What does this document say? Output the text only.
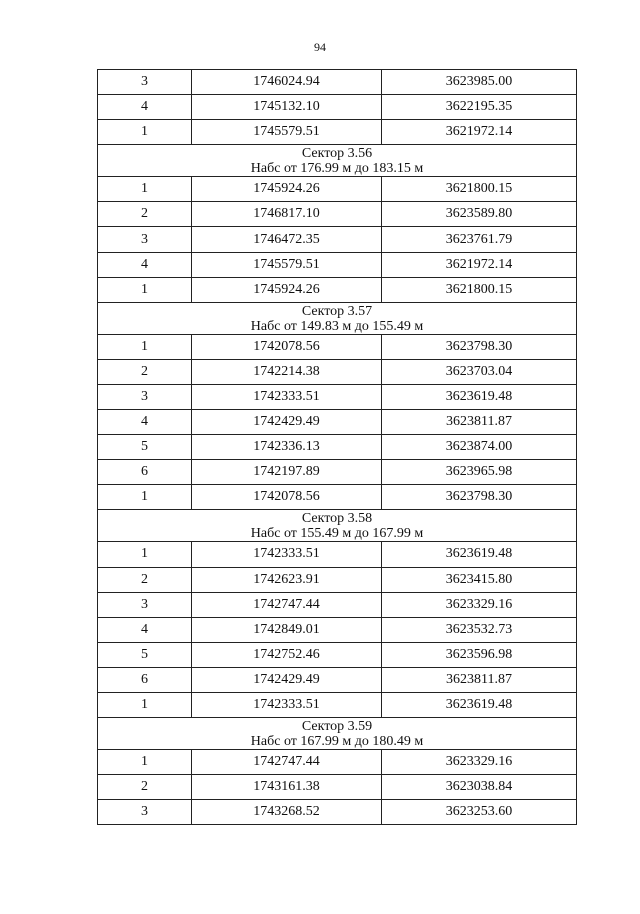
94
3	1746024.94	3623985.00
4	1745132.10	3622195.35
1	1745579.51	3621972.14
Сектор 3.56
Набс от 176.99 м до 183.15 м
1	1745924.26	3621800.15
2	1746817.10	3623589.80
3	1746472.35	3623761.79
4	1745579.51	3621972.14
1	1745924.26	3621800.15
Сектор 3.57
Набс от 149.83 м до 155.49 м
1	1742078.56	3623798.30
2	1742214.38	3623703.04
3	1742333.51	3623619.48
4	1742429.49	3623811.87
5	1742336.13	3623874.00
6	1742197.89	3623965.98
1	1742078.56	3623798.30
Сектор 3.58
Набс от 155.49 м до 167.99 м
1	1742333.51	3623619.48
2	1742623.91	3623415.80
3	1742747.44	3623329.16
4	1742849.01	3623532.73
5	1742752.46	3623596.98
6	1742429.49	3623811.87
1	1742333.51	3623619.48
Сектор 3.59
Набс от 167.99 м до 180.49 м
1	1742747.44	3623329.16
2	1743161.38	3623038.84
3	1743268.52	3623253.60
